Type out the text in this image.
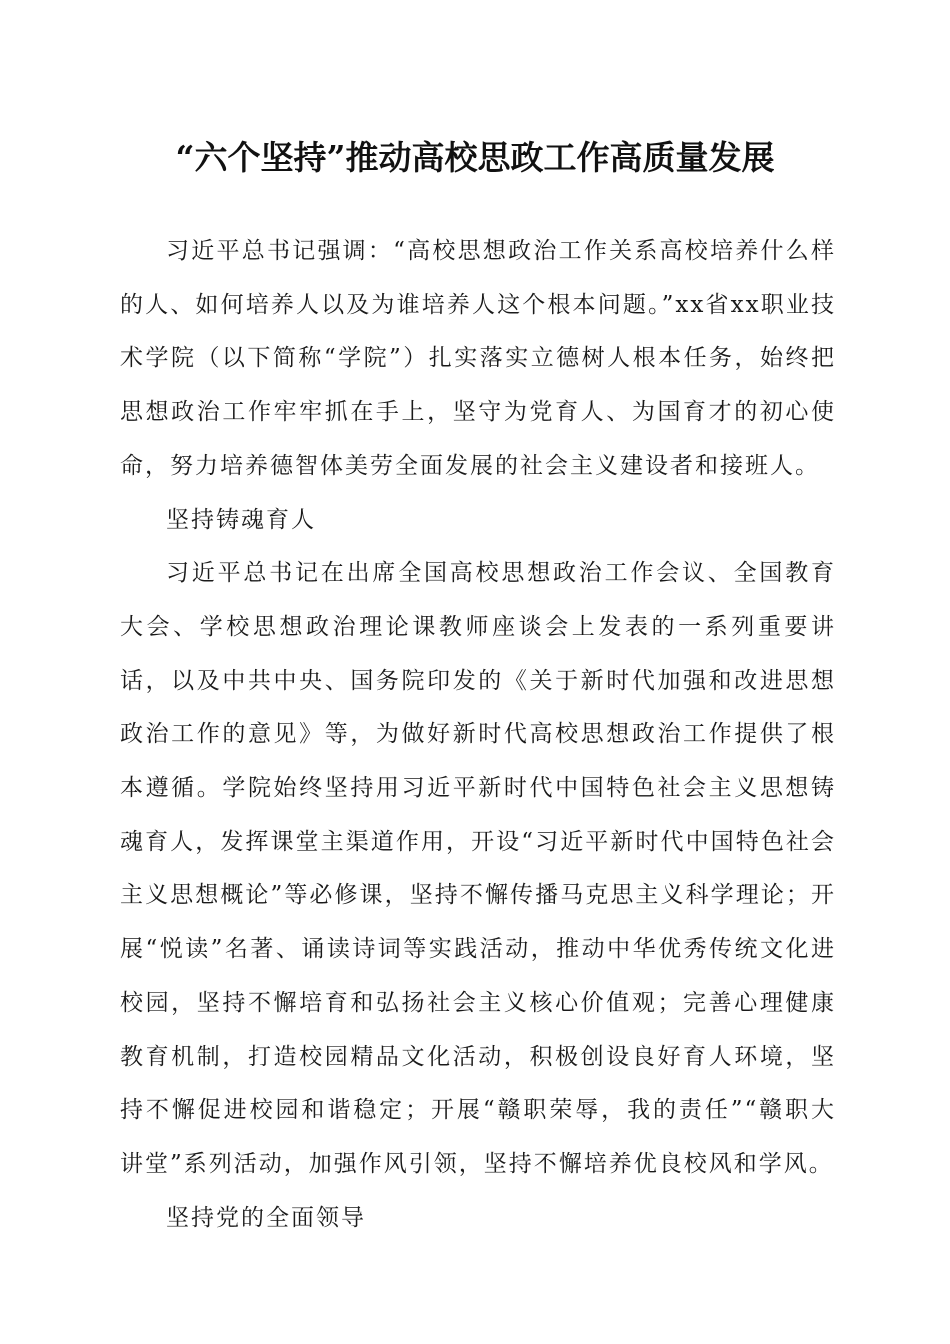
“六个坚持”推动高校思政工作高质量发展

习近平总书记强调：“高校思想政治工作关系高校培养什么样的人、如何培养人以及为谁培养人这个根本问题。”xx省xx职业技术学院（以下简称“学院”）扎实落实立德树人根本任务，始终把思想政治工作牢牢抓在手上，坚守为党育人、为国育才的初心使命，努力培养德智体美劳全面发展的社会主义建设者和接班人。

坚持铸魂育人

习近平总书记在出席全国高校思想政治工作会议、全国教育大会、学校思想政治理论课教师座谈会上发表的一系列重要讲话，以及中共中央、国务院印发的《关于新时代加强和改进思想政治工作的意见》等，为做好新时代高校思想政治工作提供了根本遵循。学院始终坚持用习近平新时代中国特色社会主义思想铸魂育人，发挥课堂主渠道作用，开设“习近平新时代中国特色社会主义思想概论”等必修课，坚持不懈传播马克思主义科学理论；开展“悦读”名著、诵读诗词等实践活动，推动中华优秀传统文化进校园，坚持不懈培育和弘扬社会主义核心价值观；完善心理健康教育机制，打造校园精品文化活动，积极创设良好育人环境，坚持不懈促进校园和谐稳定；开展“赣职荣辱，我的责任”“赣职大讲堂”系列活动，加强作风引领，坚持不懈培养优良校风和学风。

坚持党的全面领导
